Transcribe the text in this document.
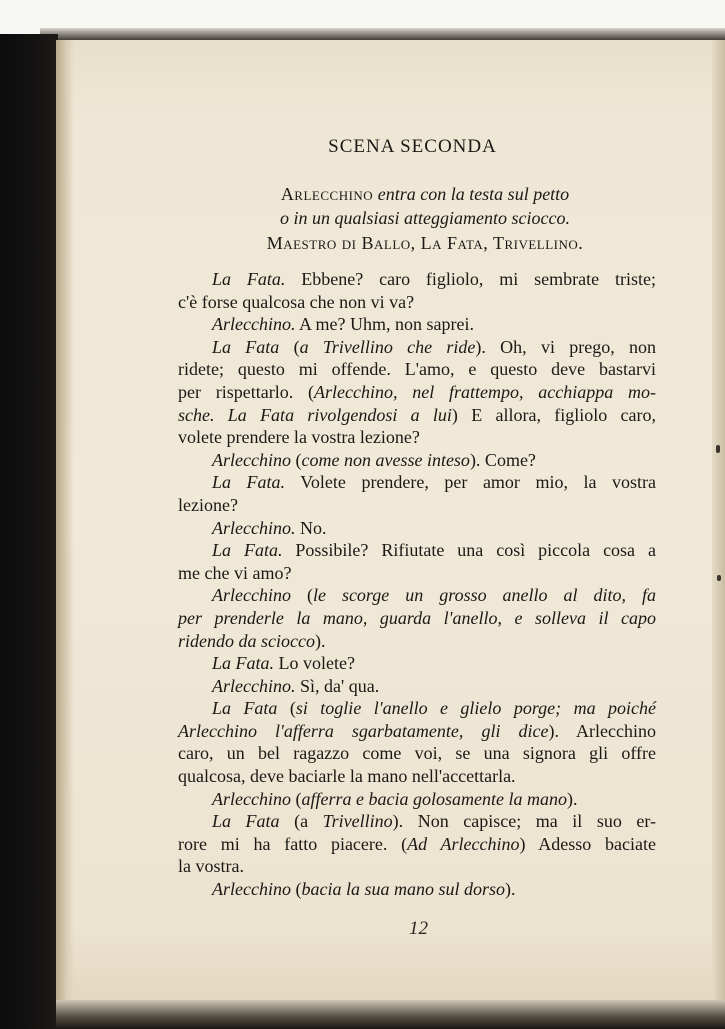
SCENA SECONDA
Arlecchino entra con la testa sul petto
o in un qualsiasi atteggiamento sciocco.
Maestro di Ballo, La Fata, Trivellino.
La Fata. Ebbene? caro figliolo, mi sembrate triste;
c'è forse qualcosa che non vi va?
Arlecchino. A me? Uhm, non saprei.
La Fata (a Trivellino che ride). Oh, vi prego, non
ridete; questo mi offende. L'amo, e questo deve bastarvi
per rispettarlo. (Arlecchino, nel frattempo, acchiappa mo-
sche. La Fata rivolgendosi a lui) E allora, figliolo caro,
volete prendere la vostra lezione?
Arlecchino (come non avesse inteso). Come?
La Fata. Volete prendere, per amor mio, la vostra
lezione?
Arlecchino. No.
La Fata. Possibile? Rifiutate una così piccola cosa a
me che vi amo?
Arlecchino (le scorge un grosso anello al dito, fa
per prenderle la mano, guarda l'anello, e solleva il capo
ridendo da sciocco).
La Fata. Lo volete?
Arlecchino. Sì, da' qua.
La Fata (si toglie l'anello e glielo porge; ma poiché
Arlecchino l'afferra sgarbatamente, gli dice). Arlecchino
caro, un bel ragazzo come voi, se una signora gli offre
qualcosa, deve baciarle la mano nell'accettarla.
Arlecchino (afferra e bacia golosamente la mano).
La Fata (a Trivellino). Non capisce; ma il suo er-
rore mi ha fatto piacere. (Ad Arlecchino) Adesso baciate
la vostra.
Arlecchino (bacia la sua mano sul dorso).
12
